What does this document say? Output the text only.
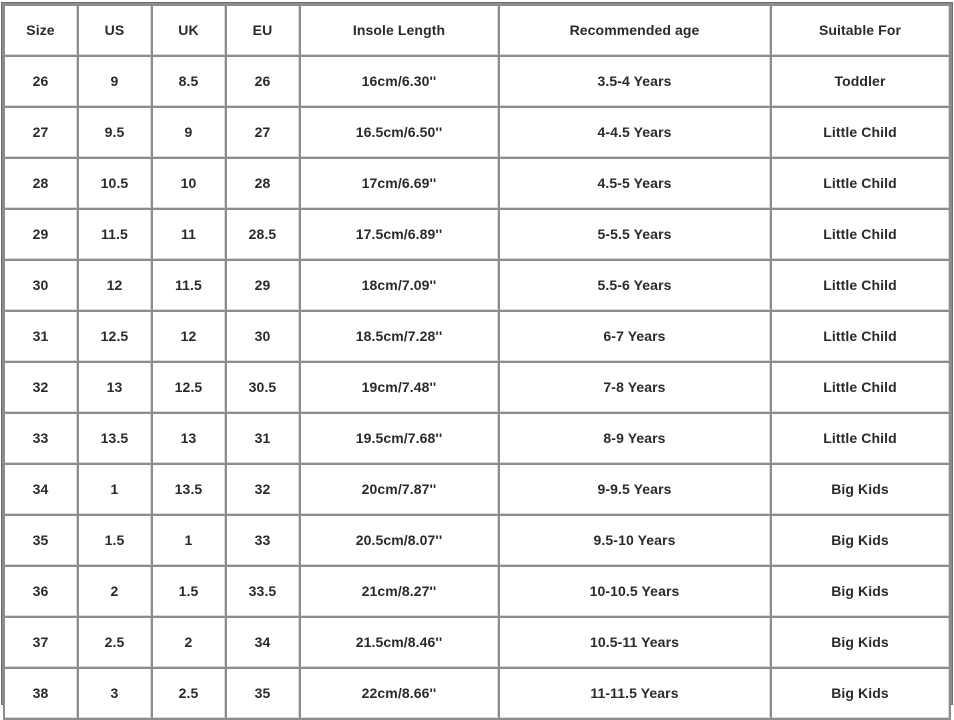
Size	US	UK	EU	Insole Length	Recommended age	Suitable For
26	9	8.5	26	16cm/6.30''	3.5-4 Years	Toddler
27	9.5	9	27	16.5cm/6.50''	4-4.5 Years	Little Child
28	10.5	10	28	17cm/6.69''	4.5-5 Years	Little Child
29	11.5	11	28.5	17.5cm/6.89''	5-5.5 Years	Little Child
30	12	11.5	29	18cm/7.09''	5.5-6 Years	Little Child
31	12.5	12	30	18.5cm/7.28''	6-7 Years	Little Child
32	13	12.5	30.5	19cm/7.48''	7-8 Years	Little Child
33	13.5	13	31	19.5cm/7.68''	8-9 Years	Little Child
34	1	13.5	32	20cm/7.87''	9-9.5 Years	Big Kids
35	1.5	1	33	20.5cm/8.07''	9.5-10 Years	Big Kids
36	2	1.5	33.5	21cm/8.27''	10-10.5 Years	Big Kids
37	2.5	2	34	21.5cm/8.46''	10.5-11 Years	Big Kids
38	3	2.5	35	22cm/8.66''	11-11.5 Years	Big Kids
